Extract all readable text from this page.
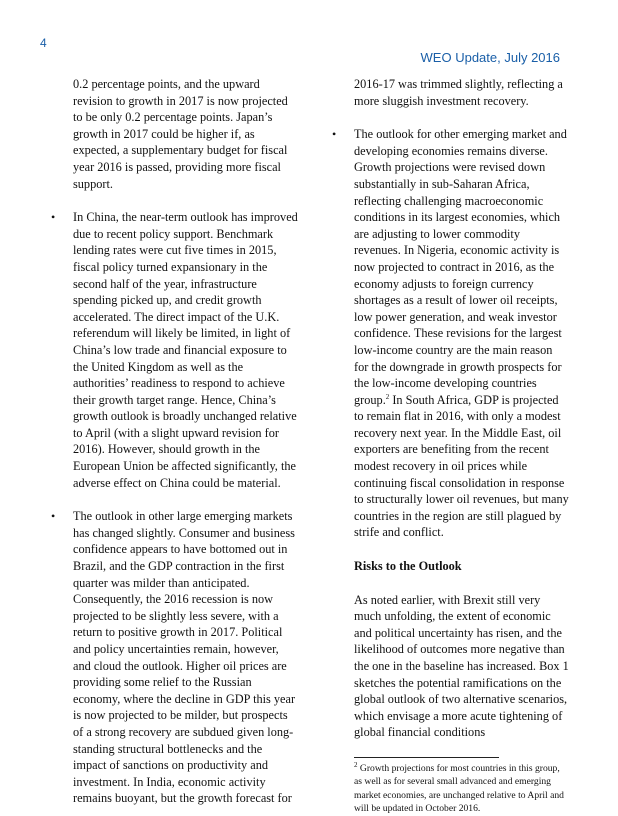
4
WEO Update, July 2016

0.2 percentage points, and the upward revision to growth in 2017 is now projected to be only 0.2 percentage points. Japan’s growth in 2017 could be higher if, as expected, a supplementary budget for fiscal year 2016 is passed, providing more fiscal support.

• In China, the near-term outlook has improved due to recent policy support. Benchmark lending rates were cut five times in 2015, fiscal policy turned expansionary in the second half of the year, infrastructure spending picked up, and credit growth accelerated. The direct impact of the U.K. referendum will likely be limited, in light of China’s low trade and financial exposure to the United Kingdom as well as the authorities’ readiness to respond to achieve their growth target range. Hence, China’s growth outlook is broadly unchanged relative to April (with a slight upward revision for 2016). However, should growth in the European Union be affected significantly, the adverse effect on China could be material.

• The outlook in other large emerging markets has changed slightly. Consumer and business confidence appears to have bottomed out in Brazil, and the GDP contraction in the first quarter was milder than anticipated. Consequently, the 2016 recession is now projected to be slightly less severe, with a return to positive growth in 2017. Political and policy uncertainties remain, however, and cloud the outlook. Higher oil prices are providing some relief to the Russian economy, where the decline in GDP this year is now projected to be milder, but prospects of a strong recovery are subdued given long-standing structural bottlenecks and the impact of sanctions on productivity and investment. In India, economic activity remains buoyant, but the growth forecast for

2016-17 was trimmed slightly, reflecting a more sluggish investment recovery.

• The outlook for other emerging market and developing economies remains diverse. Growth projections were revised down substantially in sub-Saharan Africa, reflecting challenging macroeconomic conditions in its largest economies, which are adjusting to lower commodity revenues. In Nigeria, economic activity is now projected to contract in 2016, as the economy adjusts to foreign currency shortages as a result of lower oil receipts, low power generation, and weak investor confidence. These revisions for the largest low-income country are the main reason for the downgrade in growth prospects for the low-income developing countries group.$^2$ In South Africa, GDP is projected to remain flat in 2016, with only a modest recovery next year. In the Middle East, oil exporters are benefiting from the recent modest recovery in oil prices while continuing fiscal consolidation in response to structurally lower oil revenues, but many countries in the region are still plagued by strife and conflict.

Risks to the Outlook

As noted earlier, with Brexit still very much unfolding, the extent of economic and political uncertainty has risen, and the likelihood of outcomes more negative than the one in the baseline has increased. Box 1 sketches the potential ramifications on the global outlook of two alternative scenarios, which envisage a more acute tightening of global financial conditions

$^2$ Growth projections for most countries in this group, as well as for several small advanced and emerging market economies, are unchanged relative to April and will be updated in October 2016.
